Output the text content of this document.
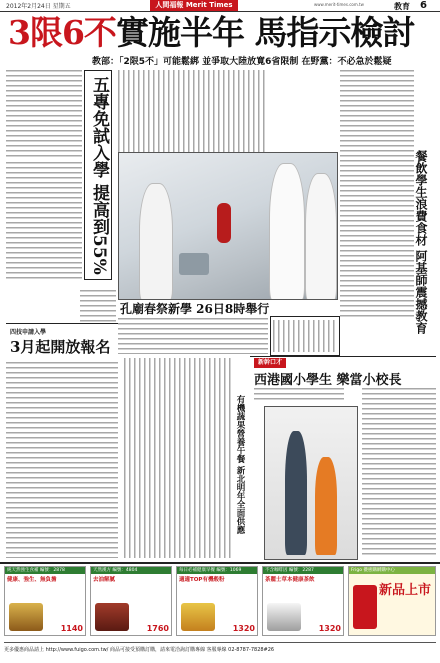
2012年2月24日 星期五	人間福報 Merit Times	www.merit-times.com.tw	教育 6
3限6不實施半年 馬指示檢討
教部：「2限5不」可能鬆綁 並爭取大陸放寬6省限制 在野黨：不必急於鬆疑
五專免試入學 提高到55%
四技申請入學
3月起開放報名
孔廟春祭新學 26日8時舉行	餐飲學生浪費食材 阿基師震撼教育
新幹口才
西港國小學生 樂當小校長
有機蔬果營養午餐 新北明年全面供應
純天然強生食補 編號：2878
健康、強生、無負擔
1140
天然漢方 編號：4804
去油解膩
1760
每日必補健康早餐 編號：1069
適適TOP有機穀粉
1320
不含咖啡因 編號：2287
茶麗士草本健康茶飲
1320
Frigo 優惠購網購中心
新品上市
更多優惠商品請上 http://www.fuigo.com.tw/ 商品可接受預購訂購，請來電洽詢訂購專線 客服專線 02-8787-7828#26
